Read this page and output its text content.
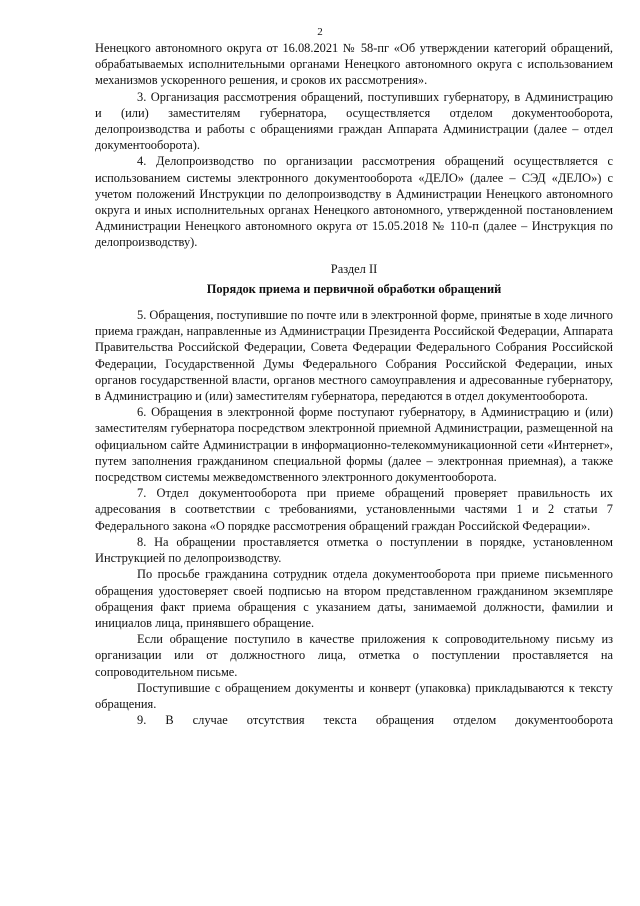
2

Ненецкого автономного округа от 16.08.2021 № 58-пг «Об утверждении категорий обращений, обрабатываемых исполнительными органами Ненецкого автономного округа с использованием механизмов ускоренного решения, и сроков их рассмотрения».

3. Организация рассмотрения обращений, поступивших губернатору, в Администрацию и (или) заместителям губернатора, осуществляется отделом документооборота, делопроизводства и работы с обращениями граждан Аппарата Администрации (далее – отдел документооборота).

4. Делопроизводство по организации рассмотрения обращений осуществляется с использованием системы электронного документооборота «ДЕЛО» (далее – СЭД «ДЕЛО») с учетом положений Инструкции по делопроизводству в Администрации Ненецкого автономного округа и иных исполнительных органах Ненецкого автономного, утвержденной постановлением Администрации Ненецкого автономного округа от 15.05.2018 № 110-п (далее – Инструкция по делопроизводству).

Раздел II

Порядок приема и первичной обработки обращений

5. Обращения, поступившие по почте или в электронной форме, принятые в ходе личного приема граждан, направленные из Администрации Президента Российской Федерации, Аппарата Правительства Российской Федерации, Совета Федерации Федерального Собрания Российской Федерации, Государственной Думы Федерального Собрания Российской Федерации, иных органов государственной власти, органов местного самоуправления и адресованные губернатору, в Администрацию и (или) заместителям губернатора, передаются в отдел документооборота.

6. Обращения в электронной форме поступают губернатору, в Администрацию и (или) заместителям губернатора посредством электронной приемной Администрации, размещенной на официальном сайте Администрации в информационно-телекоммуникационной сети «Интернет», путем заполнения гражданином специальной формы (далее – электронная приемная), а также посредством системы межведомственного электронного документооборота.

7. Отдел документооборота при приеме обращений проверяет правильность их адресования в соответствии с требованиями, установленными частями 1 и 2 статьи 7 Федерального закона «О порядке рассмотрения обращений граждан Российской Федерации».

8. На обращении проставляется отметка о поступлении в порядке, установленном Инструкцией по делопроизводству.

По просьбе гражданина сотрудник отдела документооборота при приеме письменного обращения удостоверяет своей подписью на втором представленном гражданином экземпляре обращения факт приема обращения с указанием даты, занимаемой должности, фамилии и инициалов лица, принявшего обращение.

Если обращение поступило в качестве приложения к сопроводительному письму из организации или от должностного лица, отметка о поступлении проставляется на сопроводительном письме.

Поступившие с обращением документы и конверт (упаковка) прикладываются к тексту обращения.

9. В случае отсутствия текста обращения отделом документооборота
